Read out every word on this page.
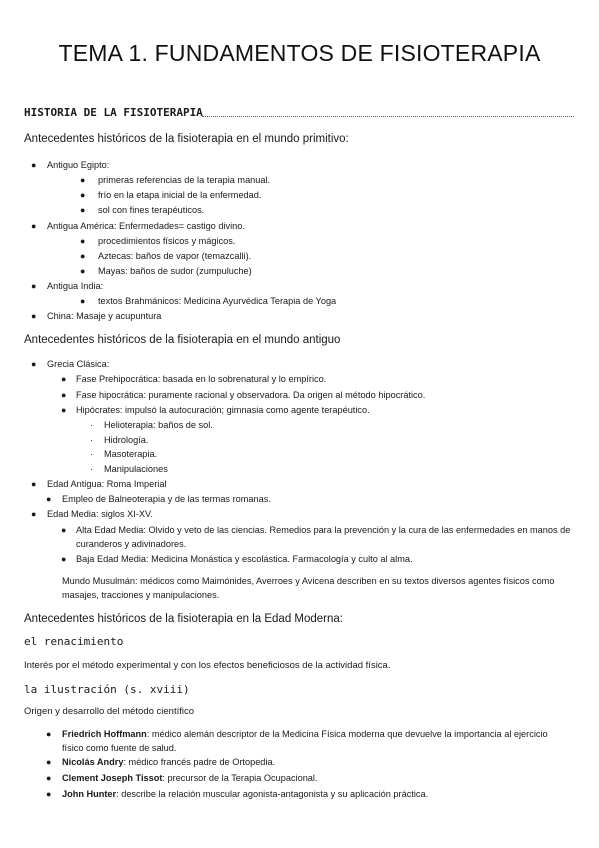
TEMA 1. FUNDAMENTOS DE FISIOTERAPIA
HISTORIA DE LA FISIOTERAPIA
Antecedentes históricos de la fisioterapia en el mundo primitivo:
● Antiguo Egipto:
● primeras referencias de la terapia manual.
● frío en la etapa inicial de la enfermedad.
● sol con fines terapéuticos.
● Antigua América: Enfermedades= castigo divino.
● procedimientos físicos y mágicos.
● Aztecas: baños de vapor (temazcalli).
● Mayas: baños de sudor (zumpuluche)
● Antigua India:
● textos Brahmánicos: Medicina Ayurvédica Terapia de Yoga
● China: Masaje y acupuntura
Antecedentes históricos de la fisioterapia en el mundo antiguo
● Grecia Clásica:
● Fase Prehipocrática: basada en lo sobrenatural y lo empírico.
● Fase hipocrática: puramente racional y observadora. Da origen al método hipocrático.
● Hipócrates: impulsó la autocuración; gimnasia como agente terapéutico.
· Helioterapia: baños de sol.
· Hidrología.
· Masoterapia.
· Manipulaciones
● Edad Antigua: Roma Imperial
● Empleo de Balneoterapia y de las termas romanas.
● Edad Media: siglos XI-XV.
● Alta Edad Media: Olvido y veto de las ciencias. Remedios para la prevención y la cura de las enfermedades en manos de curanderos y adivinadores.
● Baja Edad Media: Medicina Monástica y escolástica. Farmacología y culto al alma.
Mundo Musulmán: médicos como Maimónides, Averroes y Avicena describen en su textos diversos agentes físicos como masajes, tracciones y manipulaciones.
Antecedentes históricos de la fisioterapia en la Edad Moderna:
el renacimiento
Interés por el método experimental y con los efectos beneficiosos de la actividad física.
la ilustración (s. xviii)
Origen y desarrollo del método científico
● Friedrich Hoffmann: médico alemán descriptor de la Medicina Física moderna que devuelve la importancia al ejercicio físico como fuente de salud.
● Nicolás Andry: médico francés padre de Ortopedia.
● Clement Joseph Tissot: precursor de la Terapia Ocupacional.
● John Hunter: describe la relación muscular agonista-antagonista y su aplicación práctica.
